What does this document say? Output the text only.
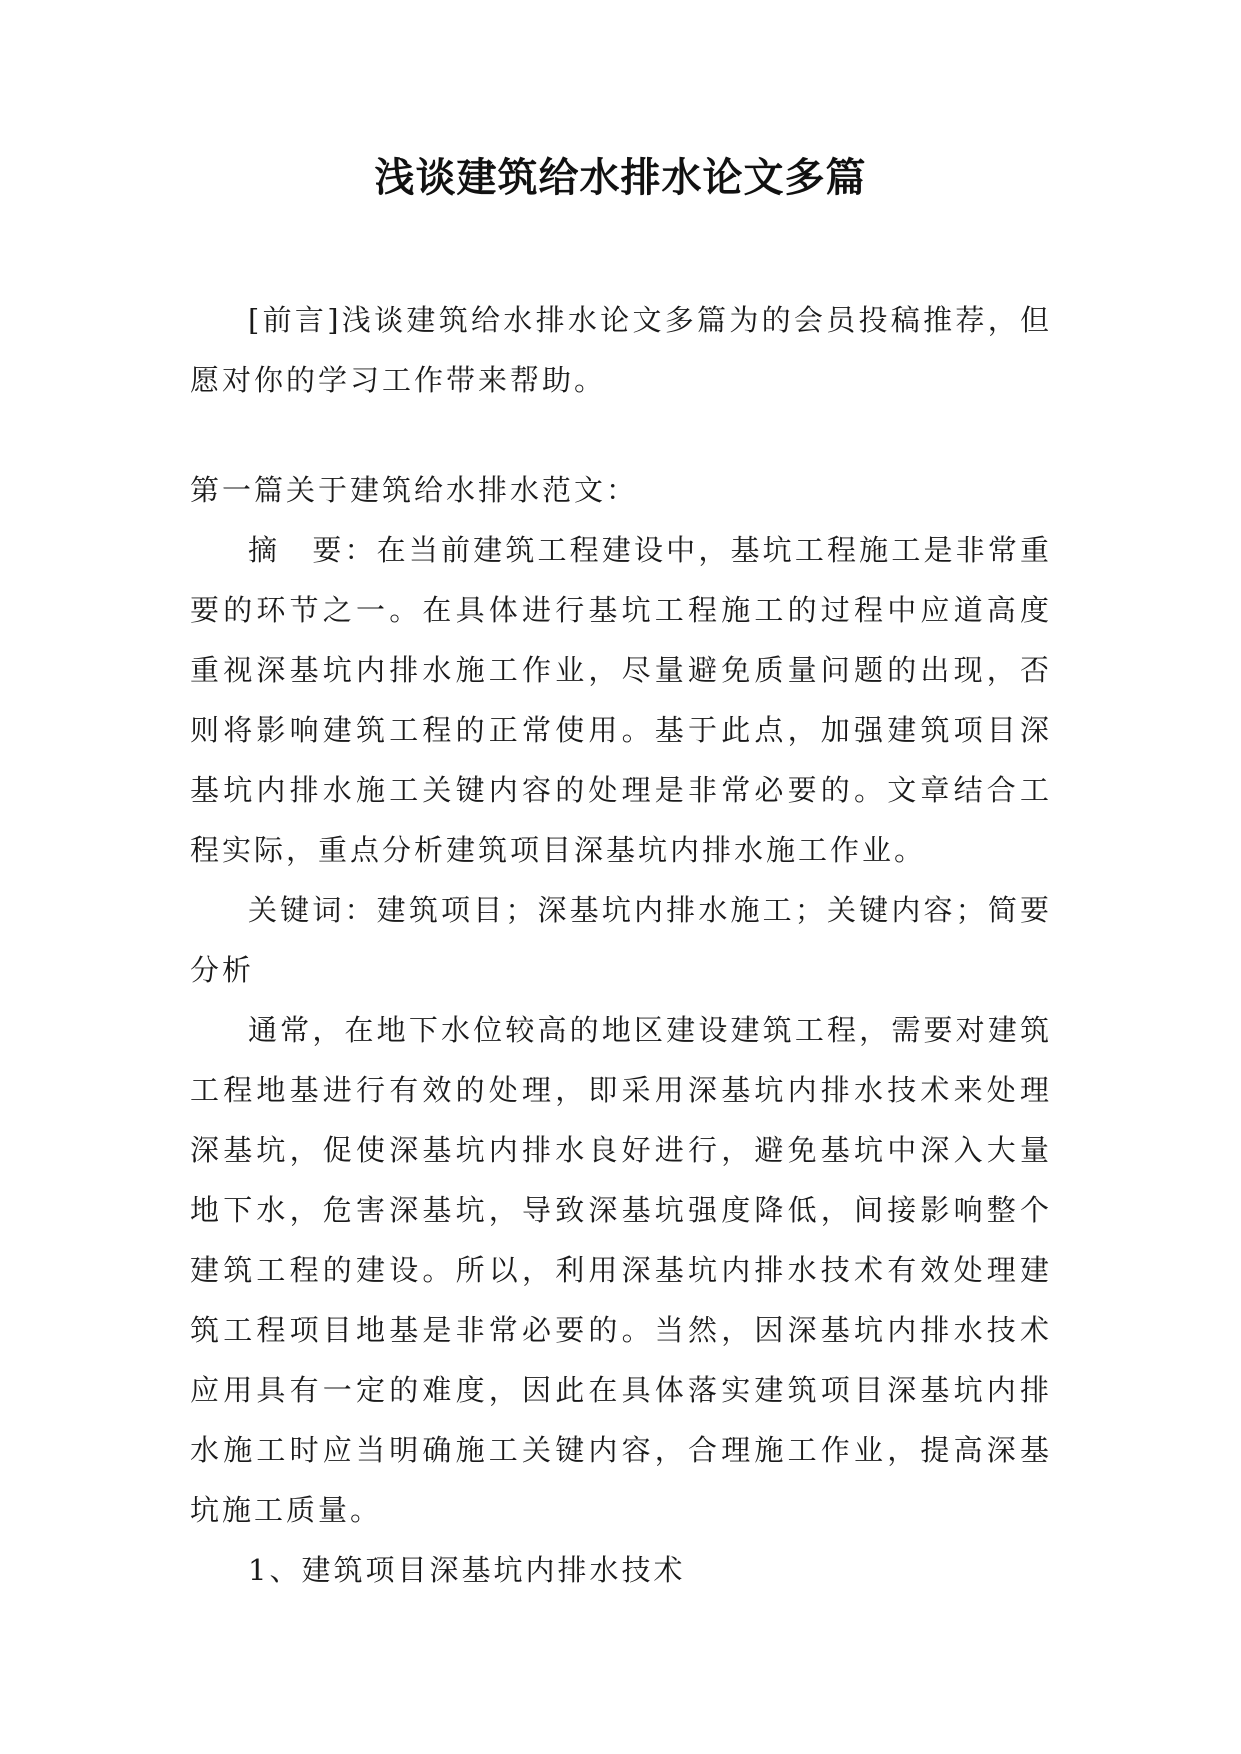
浅谈建筑给水排水论文多篇

[前言]浅谈建筑给水排水论文多篇为的会员投稿推荐，但愿对你的学习工作带来帮助。

第一篇关于建筑给水排水范文：

摘　要：在当前建筑工程建设中，基坑工程施工是非常重要的环节之一。在具体进行基坑工程施工的过程中应道高度重视深基坑内排水施工作业，尽量避免质量问题的出现，否则将影响建筑工程的正常使用。基于此点，加强建筑项目深基坑内排水施工关键内容的处理是非常必要的。文章结合工程实际，重点分析建筑项目深基坑内排水施工作业。

关键词：建筑项目；深基坑内排水施工；关键内容；简要分析

通常，在地下水位较高的地区建设建筑工程，需要对建筑工程地基进行有效的处理，即采用深基坑内排水技术来处理深基坑，促使深基坑内排水良好进行，避免基坑中深入大量地下水，危害深基坑，导致深基坑强度降低，间接影响整个建筑工程的建设。所以，利用深基坑内排水技术有效处理建筑工程项目地基是非常必要的。当然，因深基坑内排水技术应用具有一定的难度，因此在具体落实建筑项目深基坑内排水施工时应当明确施工关键内容，合理施工作业，提高深基坑施工质量。

1、建筑项目深基坑内排水技术
